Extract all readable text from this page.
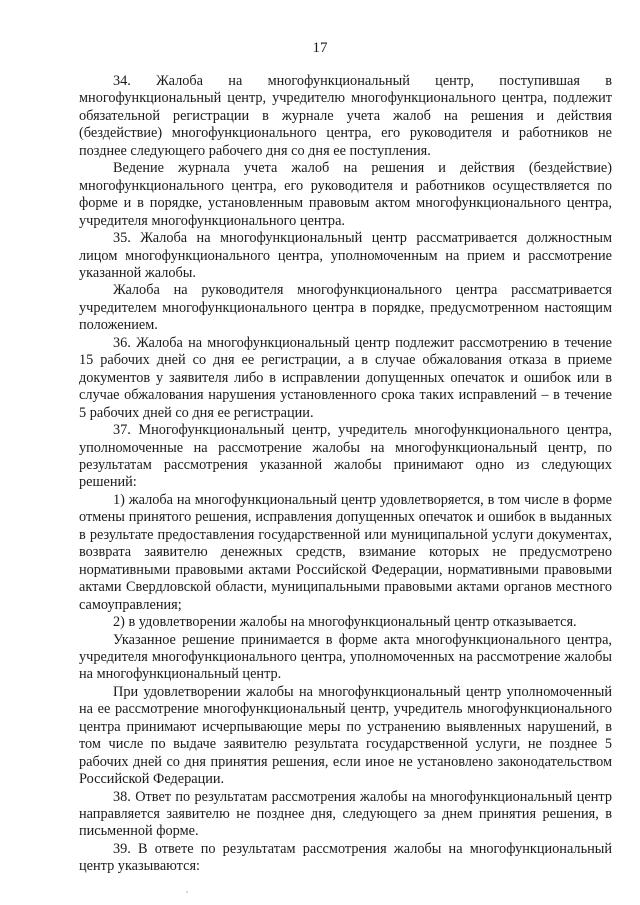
17

34. Жалоба на многофункциональный центр, поступившая в многофункциональный центр, учредителю многофункционального центра, подлежит обязательной регистрации в журнале учета жалоб на решения и действия (бездействие) многофункционального центра, его руководителя и работников не позднее следующего рабочего дня со дня ее поступления.

Ведение журнала учета жалоб на решения и действия (бездействие) многофункционального центра, его руководителя и работников осуществляется по форме и в порядке, установленным правовым актом многофункционального центра, учредителя многофункционального центра.

35. Жалоба на многофункциональный центр рассматривается должностным лицом многофункционального центра, уполномоченным на прием и рассмотрение указанной жалобы.

Жалоба на руководителя многофункционального центра рассматривается учредителем многофункционального центра в порядке, предусмотренном настоящим положением.

36. Жалоба на многофункциональный центр подлежит рассмотрению в течение 15 рабочих дней со дня ее регистрации, а в случае обжалования отказа в приеме документов у заявителя либо в исправлении допущенных опечаток и ошибок или в случае обжалования нарушения установленного срока таких исправлений – в течение 5 рабочих дней со дня ее регистрации.

37. Многофункциональный центр, учредитель многофункционального центра, уполномоченные на рассмотрение жалобы на многофункциональный центр, по результатам рассмотрения указанной жалобы принимают одно из следующих решений:

1) жалоба на многофункциональный центр удовлетворяется, в том числе в форме отмены принятого решения, исправления допущенных опечаток и ошибок в выданных в результате предоставления государственной или муниципальной услуги документах, возврата заявителю денежных средств, взимание которых не предусмотрено нормативными правовыми актами Российской Федерации, нормативными правовыми актами Свердловской области, муниципальными правовыми актами органов местного самоуправления;

2) в удовлетворении жалобы на многофункциональный центр отказывается.

Указанное решение принимается в форме акта многофункционального центра, учредителя многофункционального центра, уполномоченных на рассмотрение жалобы на многофункциональный центр.

При удовлетворении жалобы на многофункциональный центр уполномоченный на ее рассмотрение многофункциональный центр, учредитель многофункционального центра принимают исчерпывающие меры по устранению выявленных нарушений, в том числе по выдаче заявителю результата государственной услуги, не позднее 5 рабочих дней со дня принятия решения, если иное не установлено законодательством Российской Федерации.

38. Ответ по результатам рассмотрения жалобы на многофункциональный центр направляется заявителю не позднее дня, следующего за днем принятия решения, в письменной форме.

39. В ответе по результатам рассмотрения жалобы на многофункциональный центр указываются:

,
